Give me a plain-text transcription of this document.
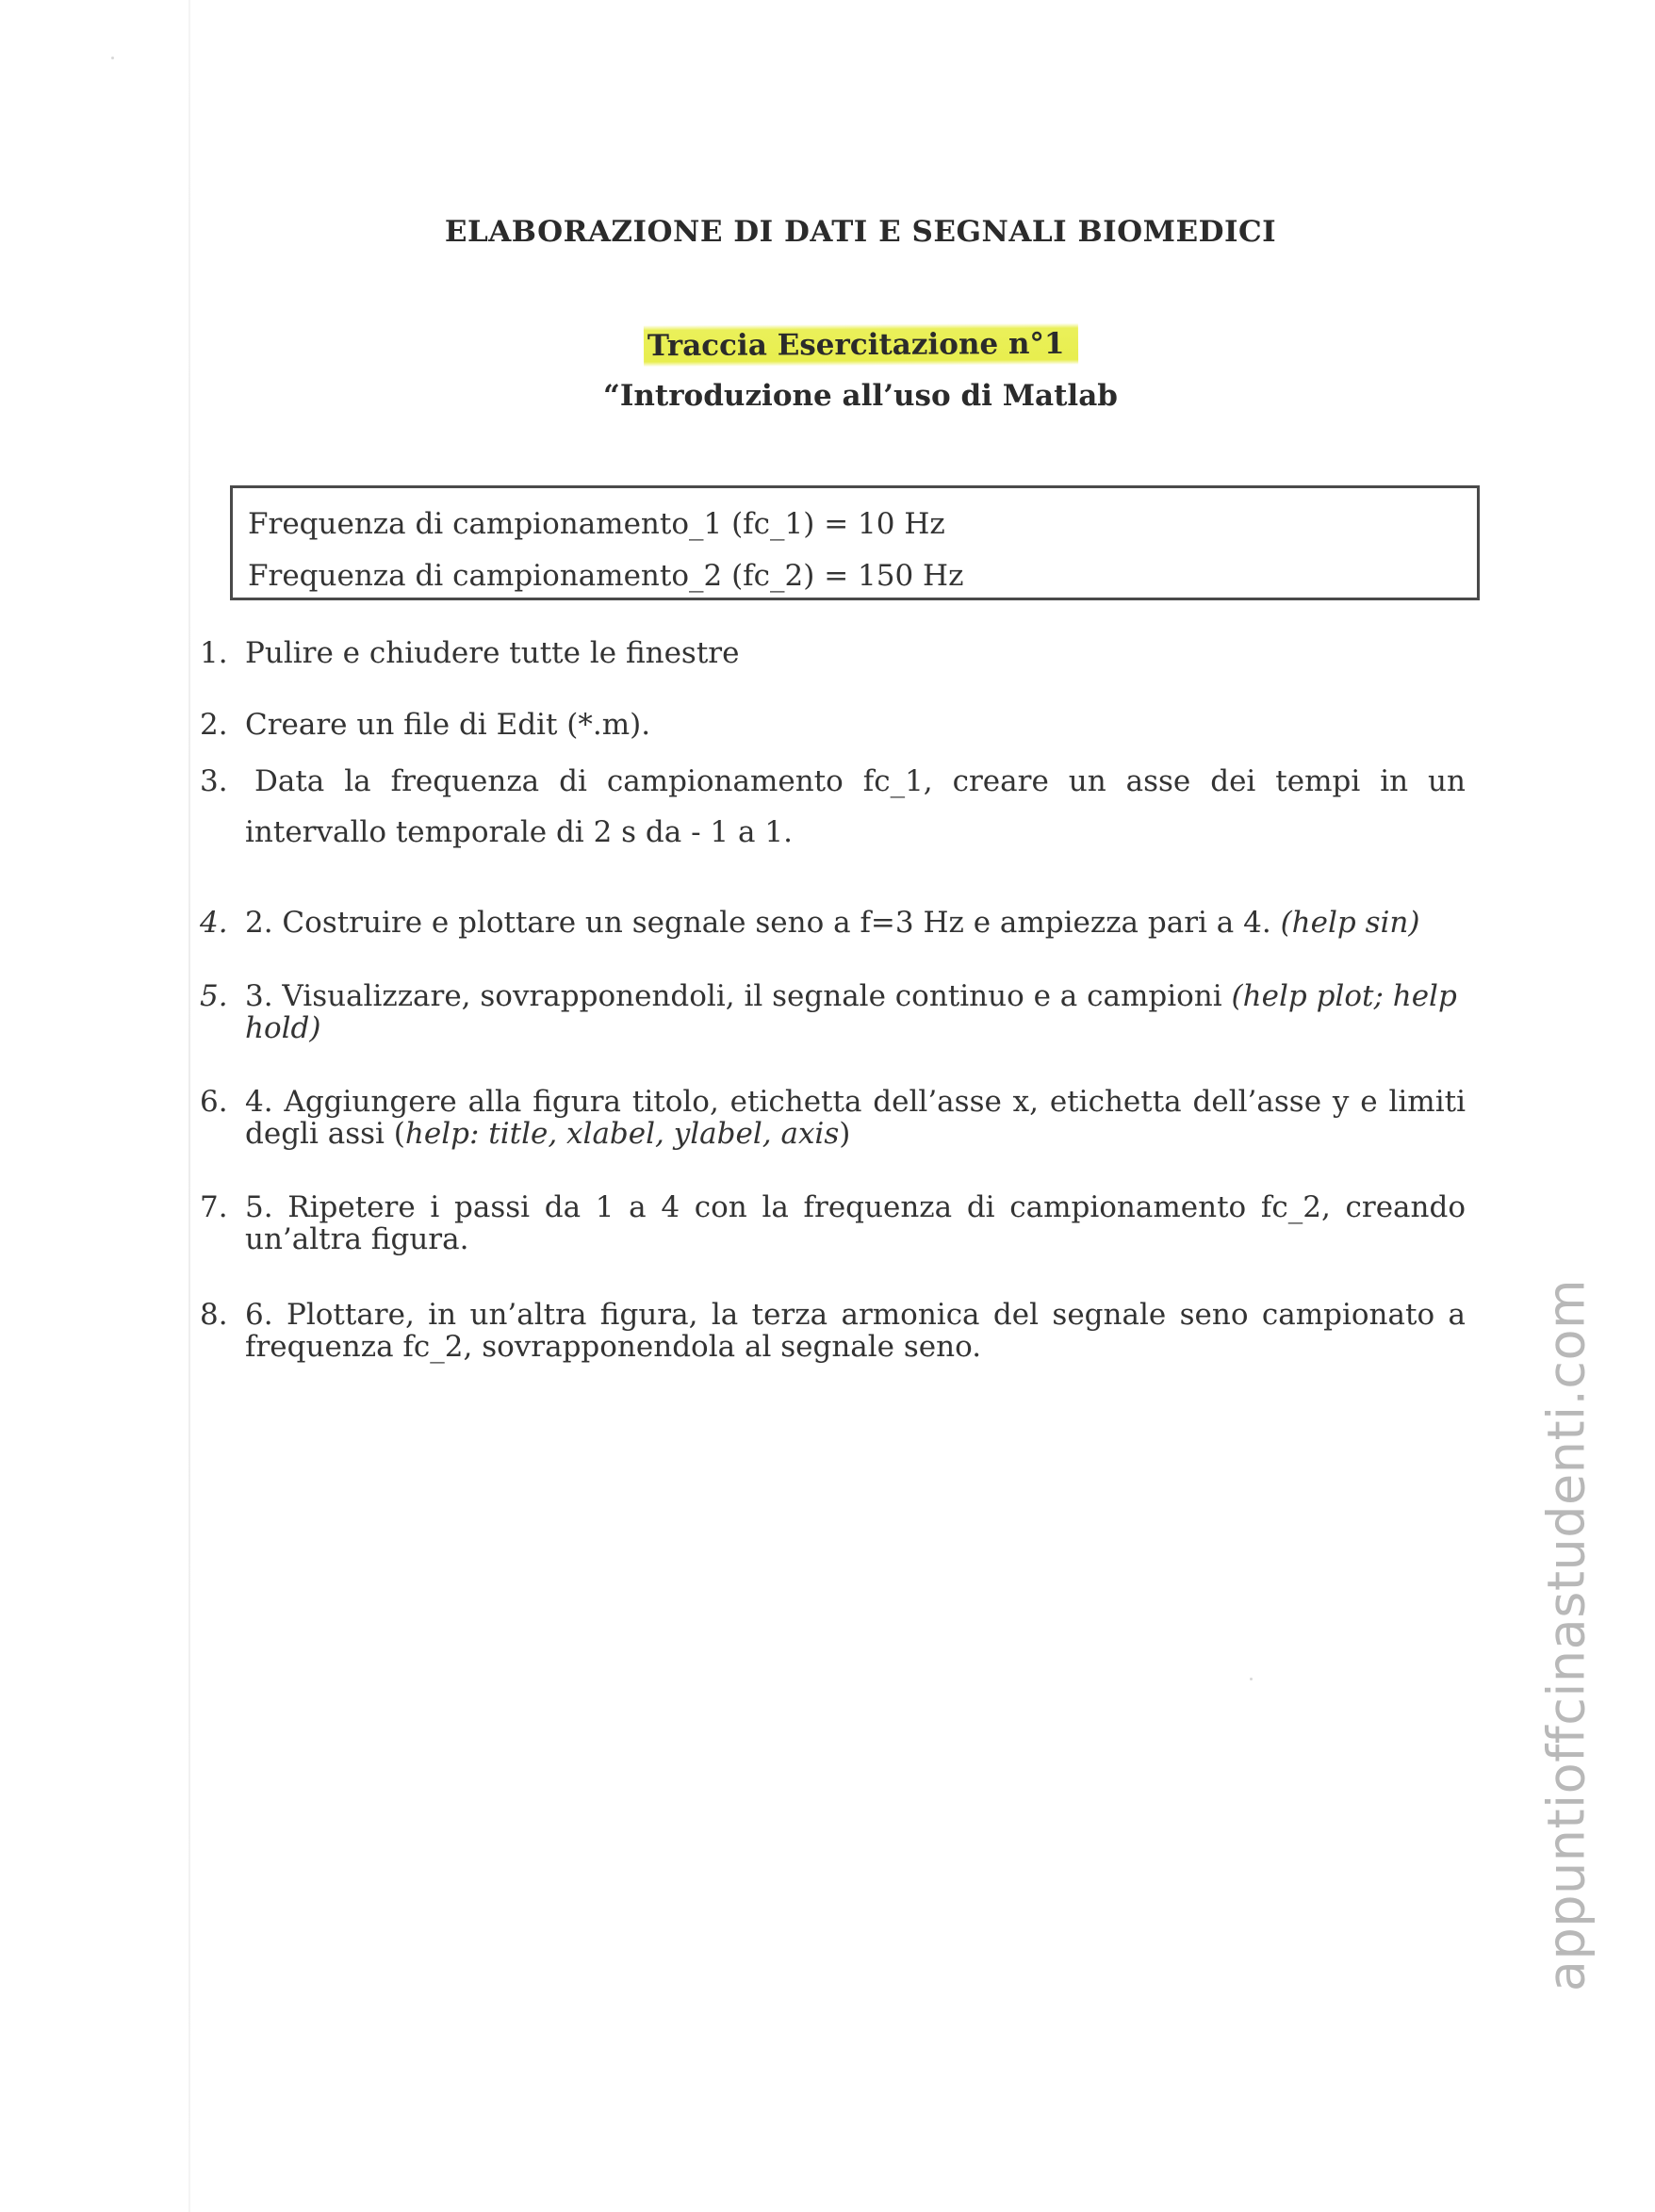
ELABORAZIONE DI DATI E SEGNALI BIOMEDICI
Traccia Esercitazione n°1
“Introduzione all’uso di Matlab
Frequenza di campionamento_1 (fc_1) = 10 Hz
Frequenza di campionamento_2 (fc_2) = 150 Hz
1. Pulire e chiudere tutte le finestre
2. Creare un file di Edit (*.m).
3. Data la frequenza di campionamento fc_1, creare un asse dei tempi in un
intervallo temporale di 2 s da - 1 a 1.
4. 2. Costruire e plottare un segnale seno a f=3 Hz e ampiezza pari a 4. (help sin)
5. 3. Visualizzare, sovrapponendoli, il segnale continuo e a campioni (help plot; help
hold)
6. 4. Aggiungere alla figura titolo, etichetta dell’asse x, etichetta dell’asse y e limiti
degli assi (help: title, xlabel, ylabel, axis)
7. 5. Ripetere i passi da 1 a 4 con la frequenza di campionamento fc_2, creando
un’altra figura.
8. 6. Plottare, in un’altra figura, la terza armonica del segnale seno campionato a
frequenza fc_2, sovrapponendola al segnale seno.	appuntioffcinastudenti.com
